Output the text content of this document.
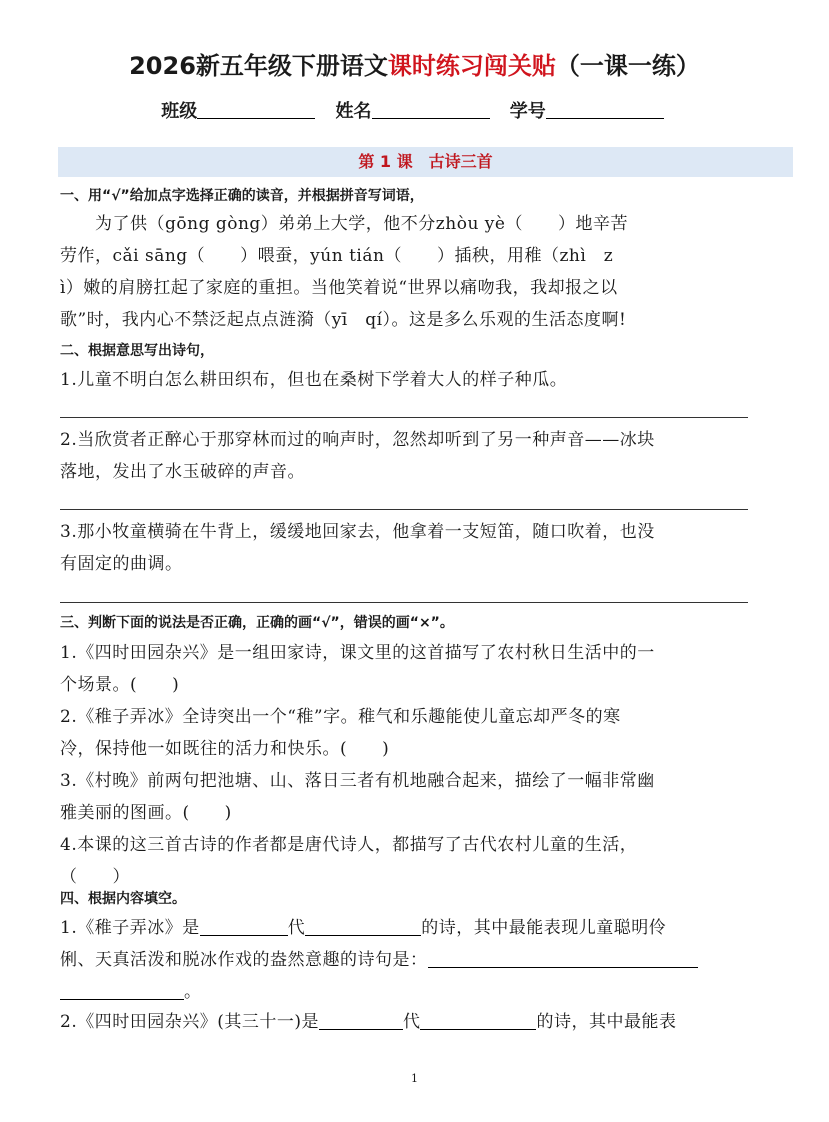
2026新五年级下册语文课时练习闯关贴（一课一练）
班级	姓名	学号
第 1 课　古诗三首
一、用“√”给加点字选择正确的读音，并根据拼音写词语，
　　为了供（gōng gòng）弟弟上大学，他不分zhòu yè（　　）地辛苦
劳作，cǎi sāng（　　）喂蚕，yún tián（　　）插秧，用稚（zhì　z
ì）嫩的肩膀扛起了家庭的重担。当他笑着说“世界以痛吻我，我却报之以
歌”时，我内心不禁泛起点点涟漪（yī　qí）。这是多么乐观的生活态度啊!
二、根据意思写出诗句，
1.儿童不明白怎么耕田织布，但也在桑树下学着大人的样子种瓜。
2.当欣赏者正醉心于那穿林而过的响声时，忽然却听到了另一种声音——冰块
落地，发出了水玉破碎的声音。
3.那小牧童横骑在牛背上，缓缓地回家去，他拿着一支短笛，随口吹着，也没
有固定的曲调。
三、判断下面的说法是否正确，正确的画“√”，错误的画“×”。
1.《四时田园杂兴》是一组田家诗，课文里的这首描写了农村秋日生活中的一
个场景。(　　)
2.《稚子弄冰》全诗突出一个“稚”字。稚气和乐趣能使儿童忘却严冬的寒
冷，保持他一如既往的活力和快乐。(　　)
3.《村晚》前两句把池塘、山、落日三者有机地融合起来，描绘了一幅非常幽
雅美丽的图画。(　　)
4.本课的这三首古诗的作者都是唐代诗人，都描写了古代农村儿童的生活，
（　　）
四、根据内容填空。
1.《稚子弄冰》是	代	的诗，其中最能表现儿童聪明伶
俐、天真活泼和脱冰作戏的盎然意趣的诗句是：
。
2.《四时田园杂兴》(其三十一)是	代	的诗，其中最能表
1
